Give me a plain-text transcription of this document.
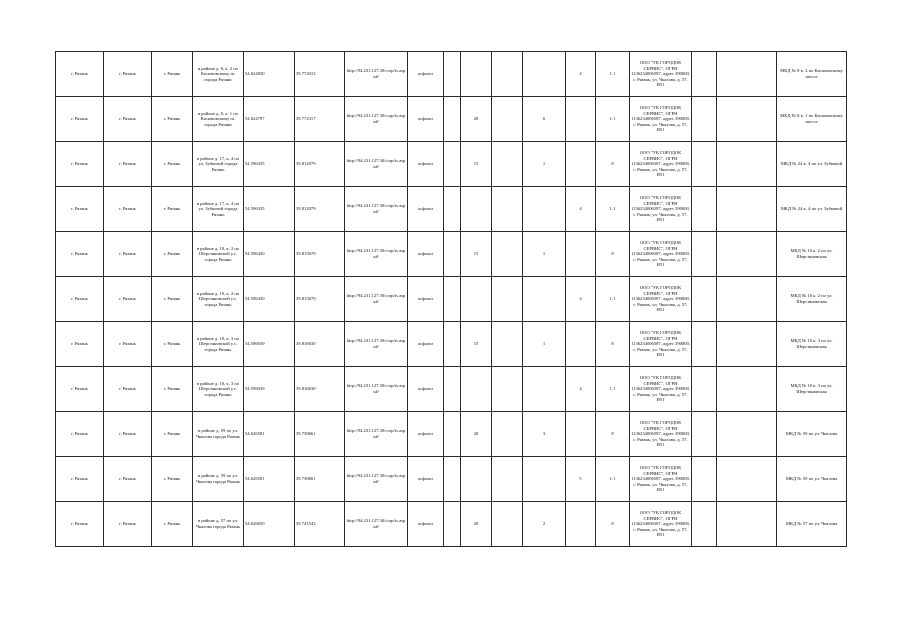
г. Рязань	г. Рязань	г. Рязань	в районе д. 8, к. 2 по Касимовскому ш. города Рязани	54.624830	39.772012	http://94.231.127.30/corp/ts.aspx#/	асфальт					4	1.1	ООО "УК ГОРОДОК СЕРВИС", ОГРН 1136234006587, адрес 390000, г. Рязань, ул. Чкалова, д. 57, Н51			МКД № 8 к. 2 по Касимовскому шоссе
г. Рязань	г. Рязань	г. Рязань	в районе д. 8, к. 1 по Касимовскому ш. города Рязани	54.624797	39.772317	http://94.231.127.30/corp/ts.aspx#/	асфальт		20		6		1.1	ООО "УК ГОРОДОК СЕРВИС", ОГРН 1136234006587, адрес 390000, г. Рязань, ул. Чкалова, д. 57, Н51			МКД № 8 к. 1 по Касимовскому шоссе
г. Рязань	г. Рязань	г. Рязань	в районе д. 17, к. 4 по ул. Зубковой города Рязань	54.596335	39.812079	http://94.231.127.30/corp/ts.aspx#/	асфальт		15		1		8	ООО "УК ГОРОДОК СЕРВИС", ОГРН 1136234006587, адрес 390000, г. Рязань, ул. Чкалова, д. 57, Н51			МКД № 24 к. 4 по ул. Зубковой
г. Рязань	г. Рязань	г. Рязань	в районе д. 17, к. 4 по ул. Зубковой города Рязань	54.596335	39.812079	http://94.231.127.30/corp/ts.aspx#/	асфальт					4	1.1	ООО "УК ГОРОДОК СЕРВИС", ОГРН 1136234006587, адрес 390000, г. Рязань, ул. Чкалова, д. 57, Н51			МКД № 24 к. 4 по ул. Зубковой
г. Рязань	г. Рязань	г. Рязань	в районе д. 10, к. 2 по Шерстяновской у.с. города Рязань	54.596430	39.815670	http://94.231.127.30/corp/ts.aspx#/	асфальт		15		1		8	ООО "УК ГОРОДОК СЕРВИС", ОГРН 1136234006587, адрес 390000, г. Рязань, ул. Чкалова, д. 57, Н51			МКД № 10 к. 2 по ул. Шерстяновская
г. Рязань	г. Рязань	г. Рязань	в районе д. 10, к. 2 по Шерстяновской у.с. города Рязань	54.596430	39.815670	http://94.231.127.30/corp/ts.aspx#/	асфальт					4	1.1	ООО "УК ГОРОДОК СЕРВИС", ОГРН 1136234006587, адрес 390000, г. Рязань, ул. Чкалова, д. 57, Н51			МКД № 10 к. 2 по ул. Шерстяновская
г. Рязань	г. Рязань	г. Рязань	в районе д. 10, к. 3 по Шерстяновской у.с. города Рязань	54.596039	39.816630	http://94.231.127.30/corp/ts.aspx#/	асфальт		15		1		8	ООО "УК ГОРОДОК СЕРВИС", ОГРН 1136234006587, адрес 390000, г. Рязань, ул. Чкалова, д. 57, Н51			МКД № 10 к. 3 по ул. Шерстяновская
г. Рязань	г. Рязань	г. Рязань	в районе д. 10, к. 3 по Шерстяновской у.с. города Рязань	54.596039	39.816630	http://94.231.127.30/corp/ts.aspx#/	асфальт					4	1.1	ООО "УК ГОРОДОК СЕРВИС", ОГРН 1136234006587, адрес 390000, г. Рязань, ул. Чкалова, д. 57, Н51			МКД № 10 к. 3 по ул. Шерстяновская
г. Рязань	г. Рязань	г. Рязань	в районе д. 59 по ул. Чкалова города Рязань	54.626581	39.738661	http://94.231.127.30/corp/ts.aspx#/	асфальт		20		3		8	ООО "УК ГОРОДОК СЕРВИС", ОГРН 1136234006587, адрес 390000, г. Рязань, ул. Чкалова, д. 57, Н51			МКД № 59 по ул. Чкалова
г. Рязань	г. Рязань	г. Рязань	в районе д. 59 по ул. Чкалова города Рязань	54.626581	39.738661	http://94.231.127.30/corp/ts.aspx#/	асфальт					5	1.1	ООО "УК ГОРОДОК СЕРВИС", ОГРН 1136234006587, адрес 390000, г. Рязань, ул. Чкалова, д. 57, Н51			МКД № 59 по ул. Чкалова
г. Рязань	г. Рязань	г. Рязань	в районе д. 57 по ул. Чкалова города Рязань	54.626050	39.741543	http://94.231.127.30/corp/ts.aspx#/	асфальт		20		2		8	ООО "УК ГОРОДОК СЕРВИС", ОГРН 1136234006587, адрес 390000, г. Рязань, ул. Чкалова, д. 57, Н51			МКД № 57 по ул. Чкалова
